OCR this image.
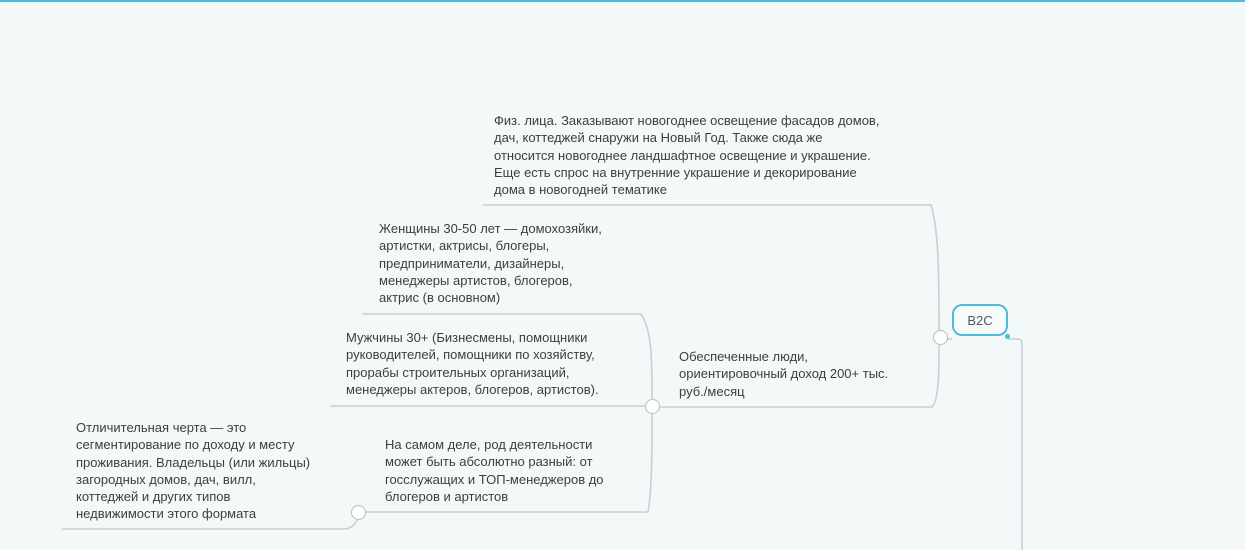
B2C

Физ. лица. Заказывают новогоднее освещение фасадов домов,
дач, коттеджей снаружи на Новый Год. Также сюда же
относится новогоднее ландшафтное освещение и украшение.
Еще есть спрос на внутренние украшение и декорирование
дома в новогодней тематике

Обеспеченные люди,
ориентировочный доход 200+ тыс.
руб./месяц

Женщины 30-50 лет — домохозяйки,
артистки, актрисы, блогеры,
предприниматели, дизайнеры,
менеджеры артистов, блогеров,
актрис (в основном)

Мужчины 30+ (Бизнесмены, помощники
руководителей, помощники по хозяйству,
прорабы строительных организаций,
менеджеры актеров, блогеров, артистов).

На самом деле, род деятельности
может быть абсолютно разный: от
госслужащих и ТОП-менеджеров до
блогеров и артистов

Отличительная черта — это
сегментирование по доходу и месту
проживания. Владельцы (или жильцы)
загородных домов, дач, вилл,
коттеджей и других типов
недвижимости этого формата
